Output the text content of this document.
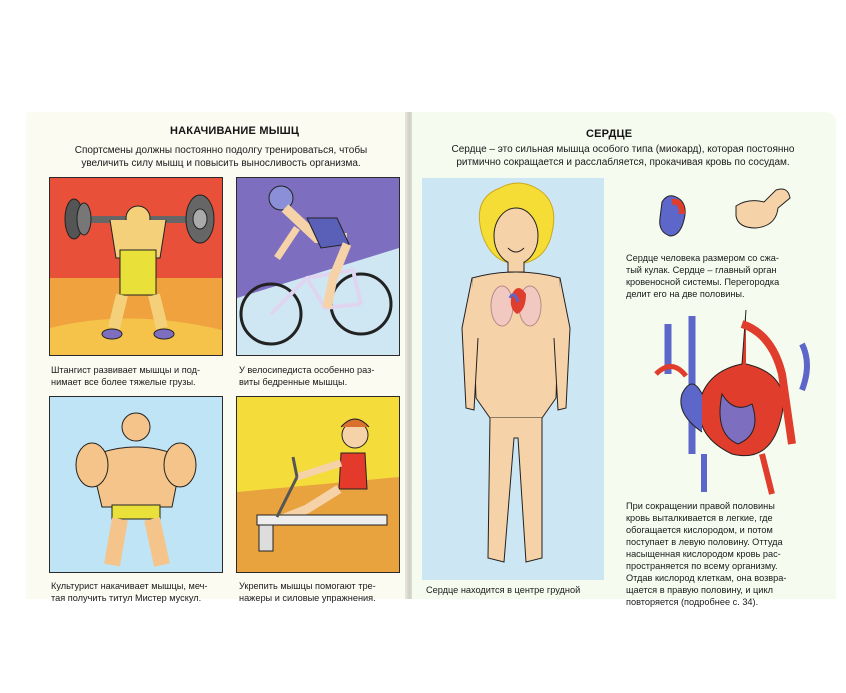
НАКАЧИВАНИЕ МЫШЦ
Спортсмены должны постоянно подолгу тренироваться, чтобы
увеличить силу мышц и повысить выносливость организма.
Штангист развивает мышцы и под-
нимает все более тяжелые грузы.
У велосипедиста особенно раз-
виты бедренные мышцы.
Культурист накачивает мышцы, меч-
тая получить титул Мистер мускул.
Укрепить мышцы помогают тре-
нажеры и силовые упражнения.
СЕРДЦЕ
Сердце – это сильная мышца особого типа (миокард), которая постоянно
ритмично сокращается и расслабляется, прокачивая кровь по сосудам.
Сердце находится в центре грудной
Сердце человека размером со сжа-
тый кулак. Сердце – главный орган
кровеносной системы. Перегородка
делит его на две половины.
При сокращении правой половины
кровь выталкивается в легкие, где
обогащается кислородом, и потом
поступает в левую половину. Оттуда
насыщенная кислородом кровь рас-
пространяется по всему организму.
Отдав кислород клеткам, она возвра-
щается в правую половину, и цикл
повторяется (подробнее с. 34).
